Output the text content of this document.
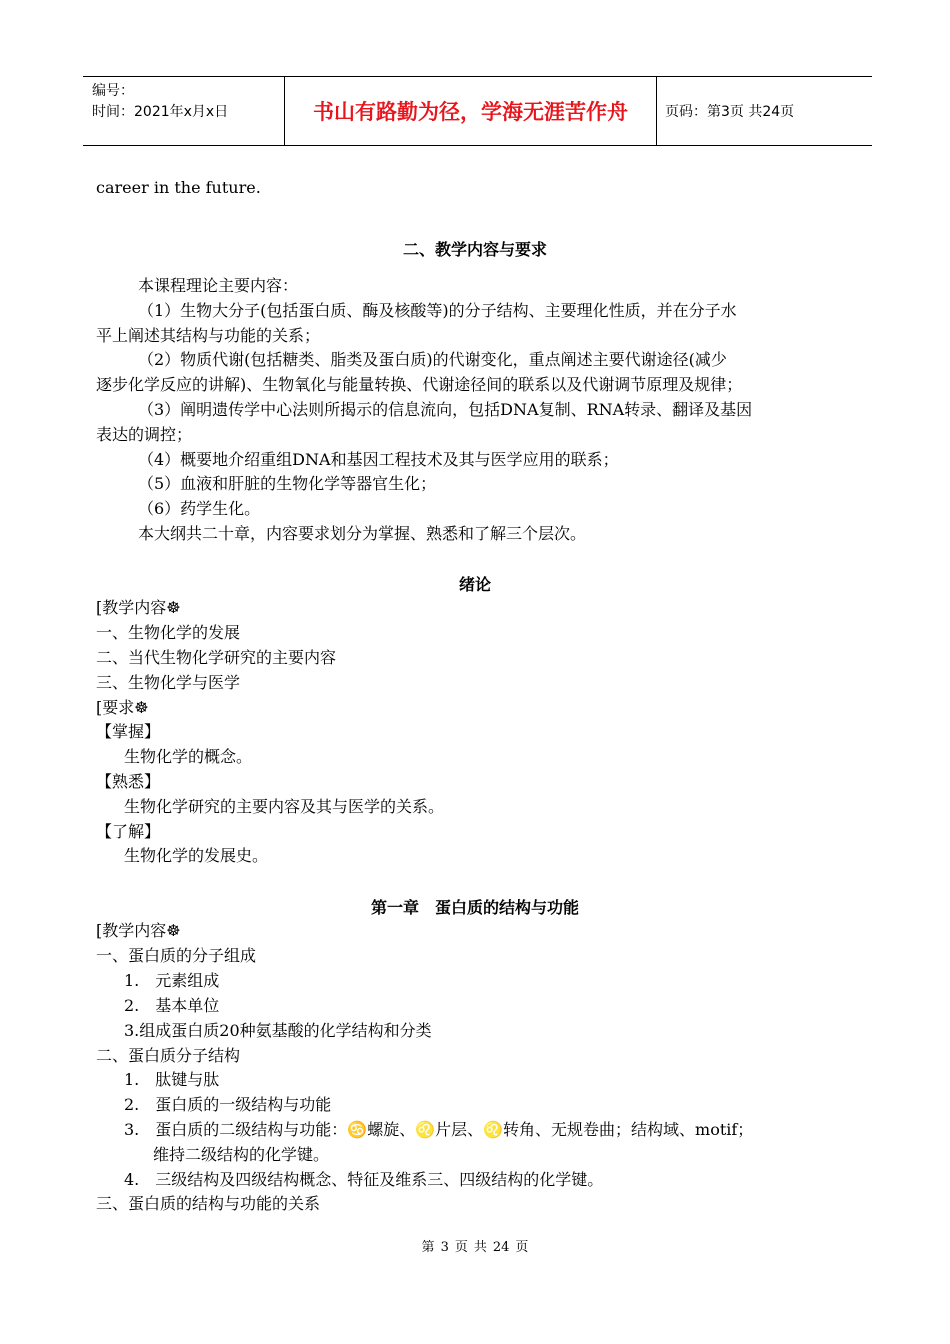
编号：
时间：2021年x月x日	书山有路勤为径，学海无涯苦作舟	页码：第3页 共24页
career in the future.
二、教学内容与要求
本课程理论主要内容：
（1）生物大分子(包括蛋白质、酶及核酸等)的分子结构、主要理化性质，并在分子水
平上阐述其结构与功能的关系；
（2）物质代谢(包括糖类、脂类及蛋白质)的代谢变化，重点阐述主要代谢途径(减少
逐步化学反应的讲解)、生物氧化与能量转换、代谢途径间的联系以及代谢调节原理及规律；
（3）阐明遗传学中心法则所揭示的信息流向，包括DNA复制、RNA转录、翻译及基因
表达的调控；
（4）概要地介绍重组DNA和基因工程技术及其与医学应用的联系；
（5）血液和肝脏的生物化学等器官生化；
（6）药学生化。
本大纲共二十章，内容要求划分为掌握、熟悉和了解三个层次。
绪论
[教学内容☸
一、生物化学的发展
二、当代生物化学研究的主要内容
三、生物化学与医学
[要求☸
【掌握】
生物化学的概念。
【熟悉】
生物化学研究的主要内容及其与医学的关系。
【了解】
生物化学的发展史。
第一章　蛋白质的结构与功能
[教学内容☸
一、蛋白质的分子组成
1.　元素组成
2.　基本单位
3.组成蛋白质20种氨基酸的化学结构和分类
二、蛋白质分子结构
1.　肽键与肽
2.　蛋白质的一级结构与功能
3.　蛋白质的二级结构与功能：♋螺旋、♌片层、♌转角、无规卷曲；结构域、motif；
维持二级结构的化学键。
4.　三级结构及四级结构概念、特征及维系三、四级结构的化学键。
三、蛋白质的结构与功能的关系
第 3 页 共 24 页
